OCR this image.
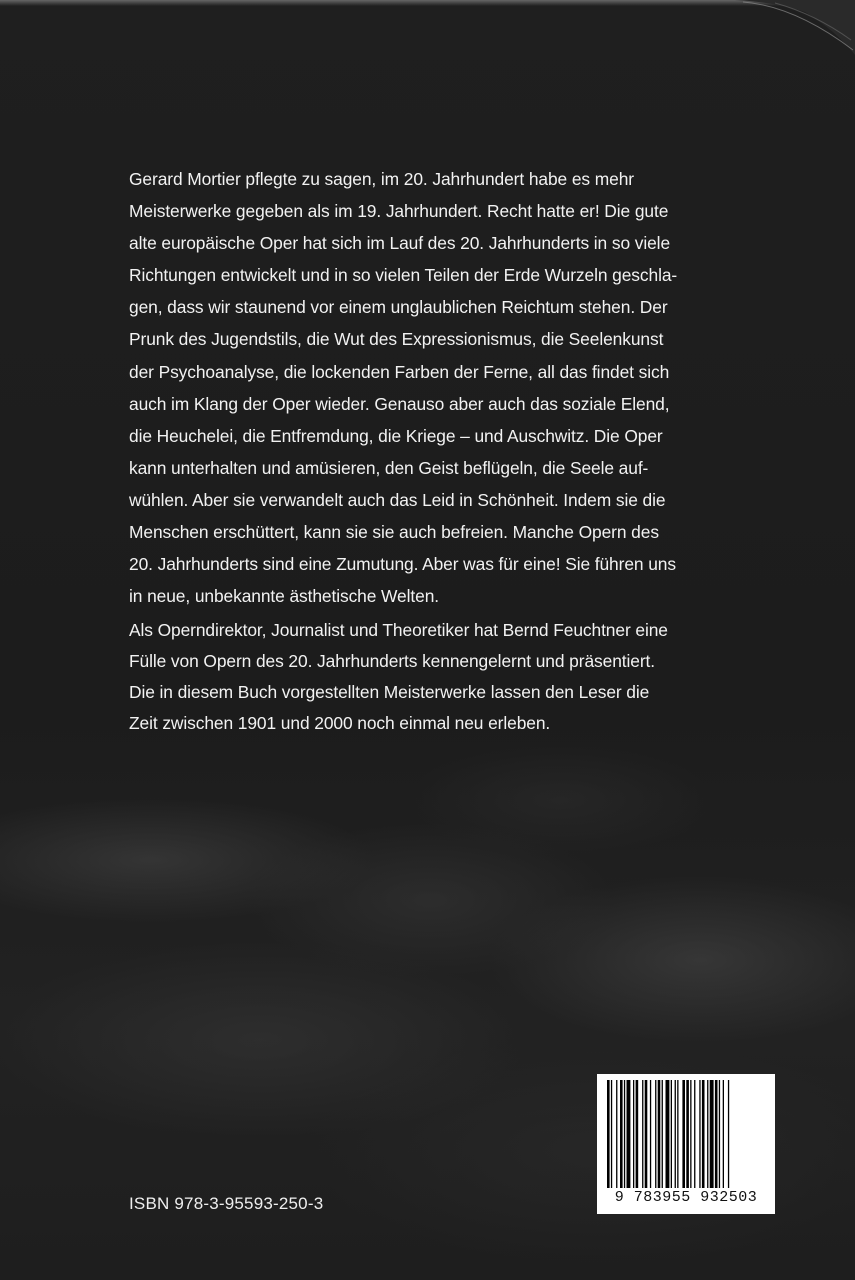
Gerard Mortier pflegte zu sagen, im 20. Jahrhundert habe es mehr
Meisterwerke gegeben als im 19. Jahrhundert. Recht hatte er! Die gute
alte europäische Oper hat sich im Lauf des 20. Jahrhunderts in so viele
Richtungen entwickelt und in so vielen Teilen der Erde Wurzeln geschla-
gen, dass wir staunend vor einem unglaublichen Reichtum stehen. Der
Prunk des Jugendstils, die Wut des Expressionismus, die Seelenkunst
der Psychoanalyse, die lockenden Farben der Ferne, all das findet sich
auch im Klang der Oper wieder. Genauso aber auch das soziale Elend,
die Heuchelei, die Entfremdung, die Kriege – und Auschwitz. Die Oper
kann unterhalten und amüsieren, den Geist beflügeln, die Seele auf-
wühlen. Aber sie verwandelt auch das Leid in Schönheit. Indem sie die
Menschen erschüttert, kann sie sie auch befreien. Manche Opern des
20. Jahrhunderts sind eine Zumutung. Aber was für eine! Sie führen uns
in neue, unbekannte ästhetische Welten.
Als Operndirektor, Journalist und Theoretiker hat Bernd Feuchtner eine
Fülle von Opern des 20. Jahrhunderts kennengelernt und präsentiert.
Die in diesem Buch vorgestellten Meisterwerke lassen den Leser die
Zeit zwischen 1901 und 2000 noch einmal neu erleben.
ISBN 978-3-95593-250-3	9 783955 932503
